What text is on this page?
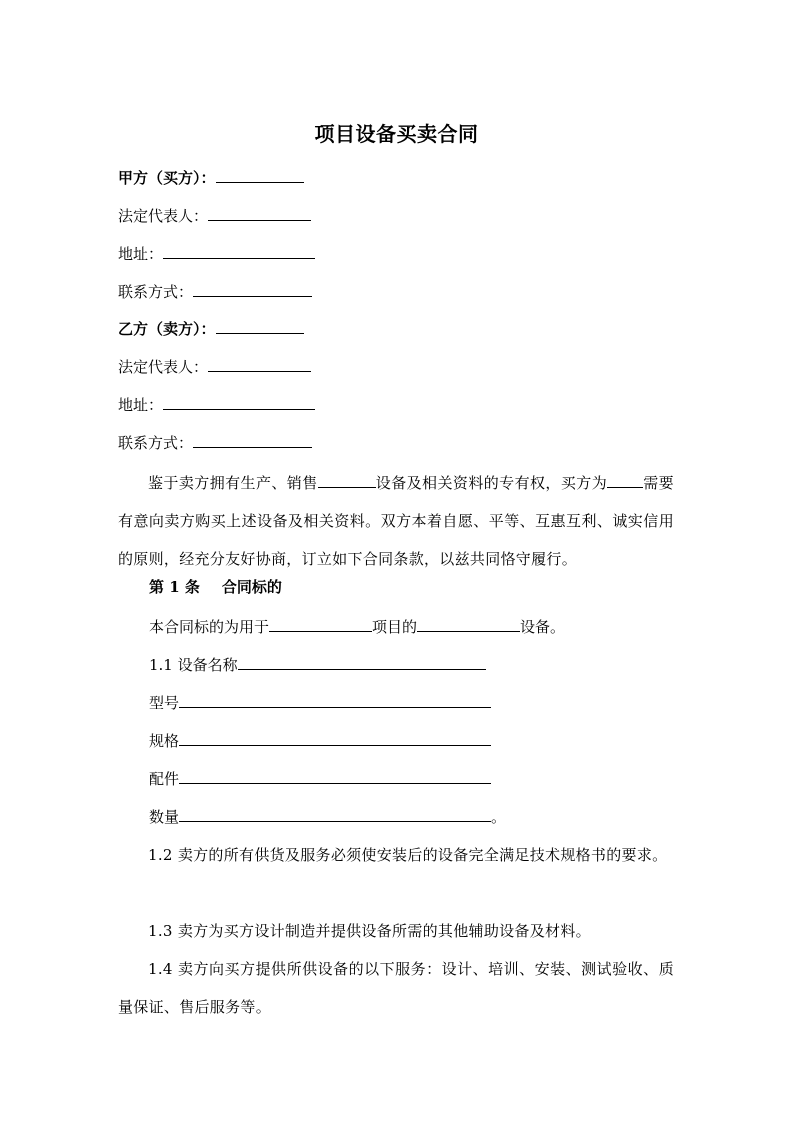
项目设备买卖合同
甲方（买方）：
法定代表人：
地址：
联系方式：
乙方（卖方）：
法定代表人：
地址：
联系方式：
鉴于卖方拥有生产、销售	设备及相关资料的专有权，买方为 需要有意向卖方购买上述设备及相关资料。双方本着自愿、平等、互惠互利、诚实信用的原则，经充分友好协商，订立如下合同条款，以兹共同恪守履行。
第 1 条 合同标的
本合同标的为用于	项目的	设备。
1.1 设备名称
型号
规格
配件
数量	。
1.2 卖方的所有供货及服务必须使安装后的设备完全满足技术规格书的要求。
1.3 卖方为买方设计制造并提供设备所需的其他辅助设备及材料。
1.4 卖方向买方提供所供设备的以下服务：设计、培训、安装、测试验收、质量保证、售后服务等。
